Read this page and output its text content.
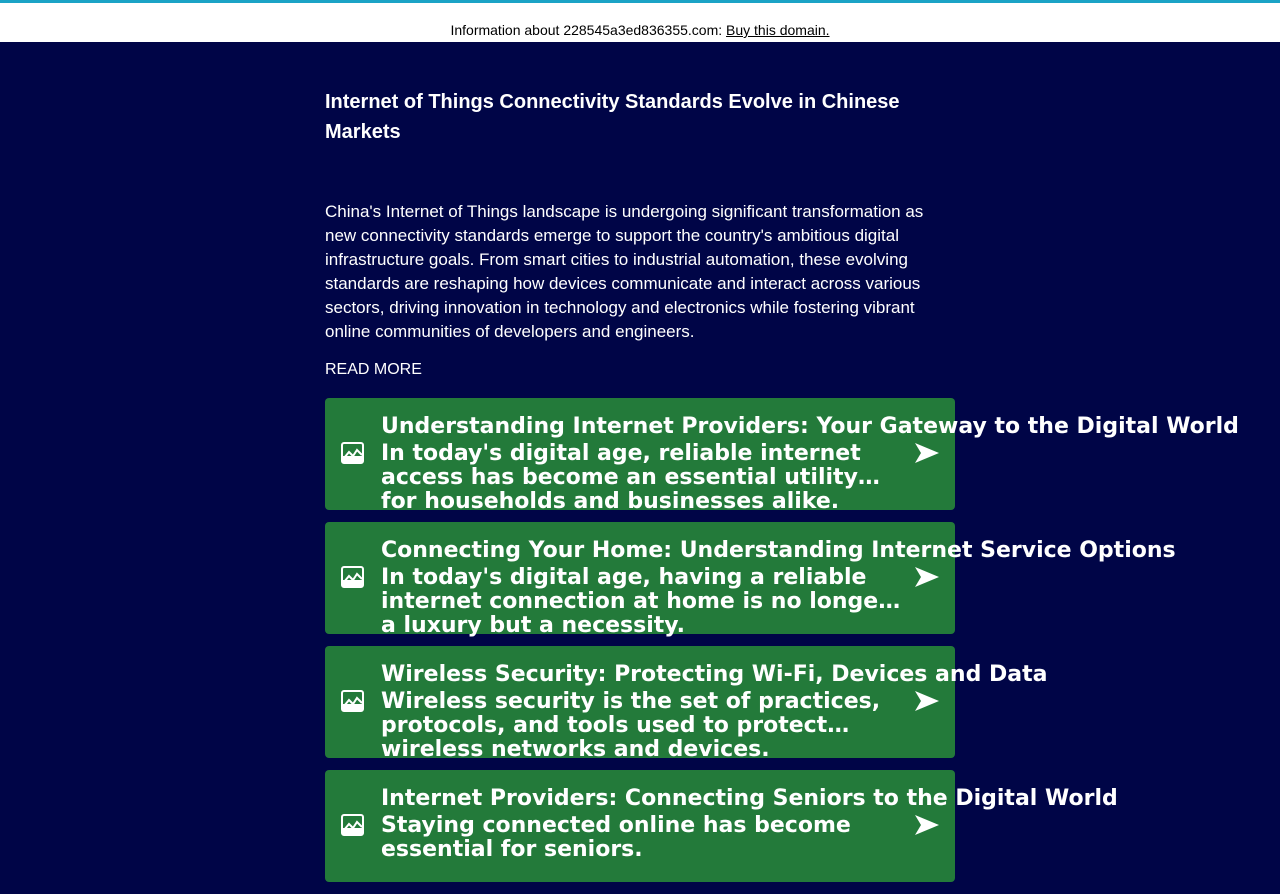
Information about 228545a3ed836355.com: Buy this domain.
Internet of Things Connectivity Standards Evolve in Chinese Markets
China's Internet of Things landscape is undergoing significant transformation as new connectivity standards emerge to support the country's ambitious digital infrastructure goals. From smart cities to industrial automation, these evolving standards are reshaping how devices communicate and interact across various sectors, driving innovation in technology and electronics while fostering vibrant online communities of developers and engineers.
READ MORE
Understanding Internet Providers: Your Gateway to the Digital World
In today's digital age, reliable internet access has become an essential utility for households and businesses alike.
Connecting Your Home: Understanding Internet Service Options
In today's digital age, having a reliable internet connection at home is no longer a luxury but a necessity.
Wireless Security: Protecting Wi-Fi, Devices and Data
Wireless security is the set of practices, protocols, and tools used to protect wireless networks and devices.
Internet Providers: Connecting Seniors to the Digital World
Staying connected online has become essential for seniors.
